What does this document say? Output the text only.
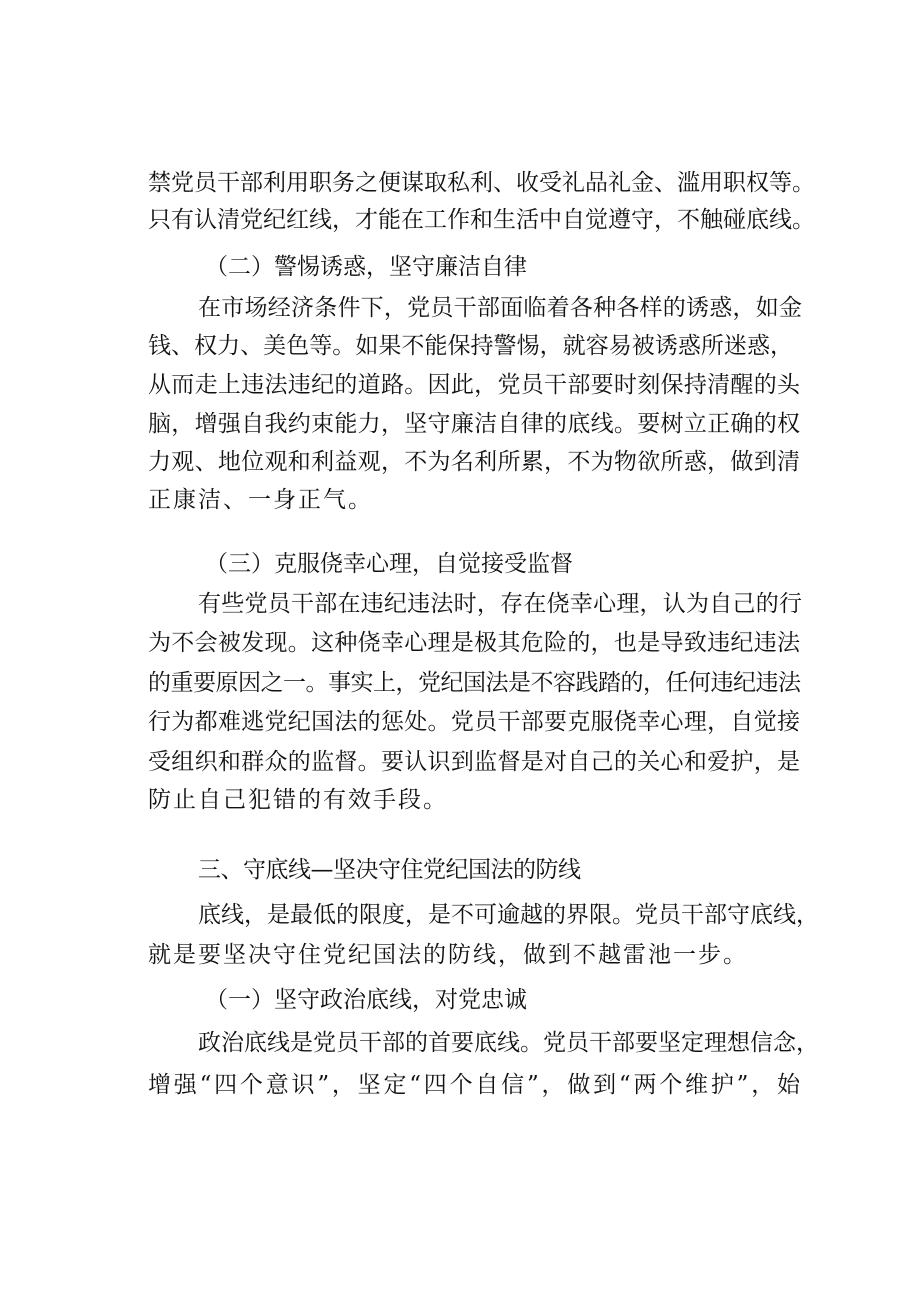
禁党员干部利用职务之便谋取私利、收受礼品礼金、滥用职权等。
只有认清党纪红线，才能在工作和生活中自觉遵守，不触碰底线。
（二）警惕诱惑，坚守廉洁自律
在市场经济条件下，党员干部面临着各种各样的诱惑，如金
钱、权力、美色等。如果不能保持警惕，就容易被诱惑所迷惑，
从而走上违法违纪的道路。因此，党员干部要时刻保持清醒的头
脑，增强自我约束能力，坚守廉洁自律的底线。要树立正确的权
力观、地位观和利益观，不为名利所累，不为物欲所惑，做到清
正康洁、一身正气。
（三）克服侥幸心理，自觉接受监督
有些党员干部在违纪违法时，存在侥幸心理，认为自己的行
为不会被发现。这种侥幸心理是极其危险的，也是导致违纪违法
的重要原因之一。事实上，党纪国法是不容践踏的，任何违纪违法
行为都难逃党纪国法的惩处。党员干部要克服侥幸心理，自觉接
受组织和群众的监督。要认识到监督是对自己的关心和爱护，是
防止自己犯错的有效手段。
三、守底线—坚决守住党纪国法的防线
底线，是最低的限度，是不可逾越的界限。党员干部守底线，
就是要坚决守住党纪国法的防线，做到不越雷池一步。
（一）坚守政治底线，对党忠诚
政治底线是党员干部的首要底线。党员干部要坚定理想信念，
增强“四个意识”，坚定“四个自信”，做到“两个维护”，始
